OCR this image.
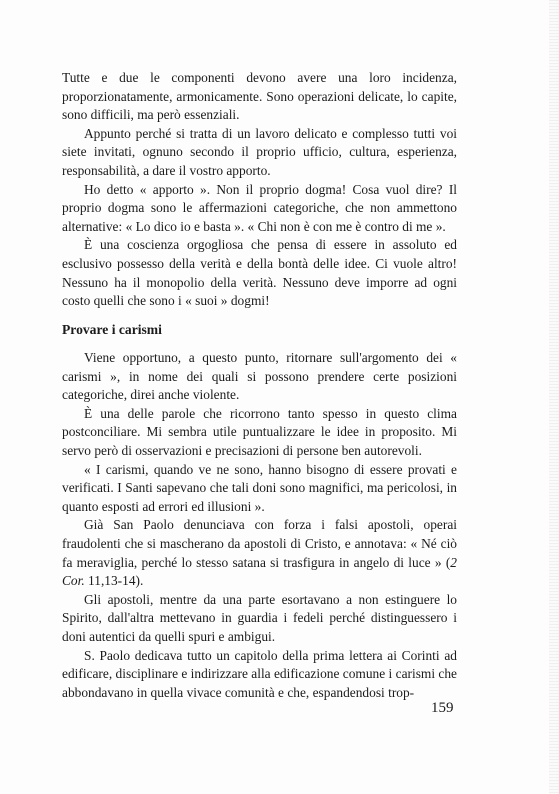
Tutte e due le componenti devono avere una loro incidenza, proporzionatamente, armonicamente. Sono operazioni delicate, lo capite, sono difficili, ma però essenziali.

Appunto perché si tratta di un lavoro delicato e complesso tutti voi siete invitati, ognuno secondo il proprio ufficio, cultura, esperienza, responsabilità, a dare il vostro apporto.

Ho detto « apporto ». Non il proprio dogma! Cosa vuol dire? Il proprio dogma sono le affermazioni categoriche, che non ammettono alternative: « Lo dico io e basta ». « Chi non è con me è contro di me ».

È una coscienza orgogliosa che pensa di essere in assoluto ed esclusivo possesso della verità e della bontà delle idee. Ci vuole altro! Nessuno ha il monopolio della verità. Nessuno deve imporre ad ogni costo quelli che sono i « suoi » dogmi!

Provare i carismi

Viene opportuno, a questo punto, ritornare sull'argomento dei « carismi », in nome dei quali si possono prendere certe posizioni categoriche, direi anche violente.

È una delle parole che ricorrono tanto spesso in questo clima postconciliare. Mi sembra utile puntualizzare le idee in proposito. Mi servo però di osservazioni e precisazioni di persone ben autorevoli.

« I carismi, quando ve ne sono, hanno bisogno di essere provati e verificati. I Santi sapevano che tali doni sono magnifici, ma pericolosi, in quanto esposti ad errori ed illusioni ».

Già San Paolo denunciava con forza i falsi apostoli, operai fraudolenti che si mascherano da apostoli di Cristo, e annotava: « Né ciò fa meraviglia, perché lo stesso satana si trasfigura in angelo di luce » (2 Cor. 11,13-14).

Gli apostoli, mentre da una parte esortavano a non estinguere lo Spirito, dall'altra mettevano in guardia i fedeli perché distinguessero i doni autentici da quelli spuri e ambigui.

S. Paolo dedicava tutto un capitolo della prima lettera ai Corinti ad edificare, disciplinare e indirizzare alla edificazione comune i carismi che abbondavano in quella vivace comunità e che, espandendosi trop-

159
